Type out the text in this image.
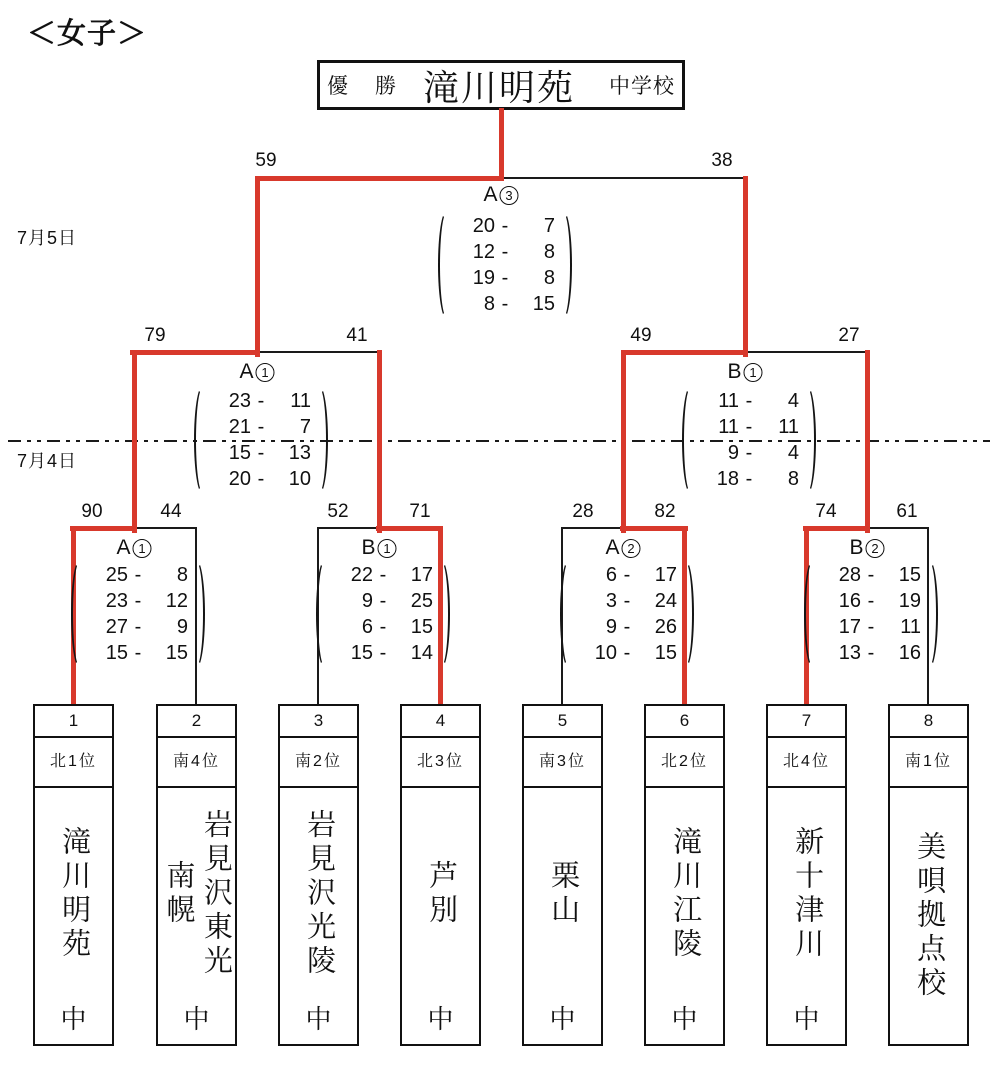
＜女子＞
7月5日
7月4日
優　勝 滝川明苑 中学校
59	38
79	41	49	27
90	44	52	71	28	82	74	61
A 3
A 1	B 1
A 1	B 1	A 2	B 2
20 -	7
12 -	8
19 -	8
8 -	15
23 -	11
21 -	7
15 -	13
20 -	10
11 -	4
11 -	11
9 -	4
18 -	8
25 -	8
23 -	12
27 -	9
15 -	15
22 -	17
9 -	25
6 -	15
15 -	14
6 -	17
3 -	24
9 -	26
10 -	15
28 -	15
16 -	19
17 -	11
13 -	16
1
北1位
滝川明苑
中
2
南4位
岩見沢東光
南幌
中
3
南2位
岩見沢光陵
中
4
北3位
芦別
中
5
南3位
栗山
中
6
北2位
滝川江陵
中
7
北4位
新十津川
中
8
南1位
美唄拠点校
